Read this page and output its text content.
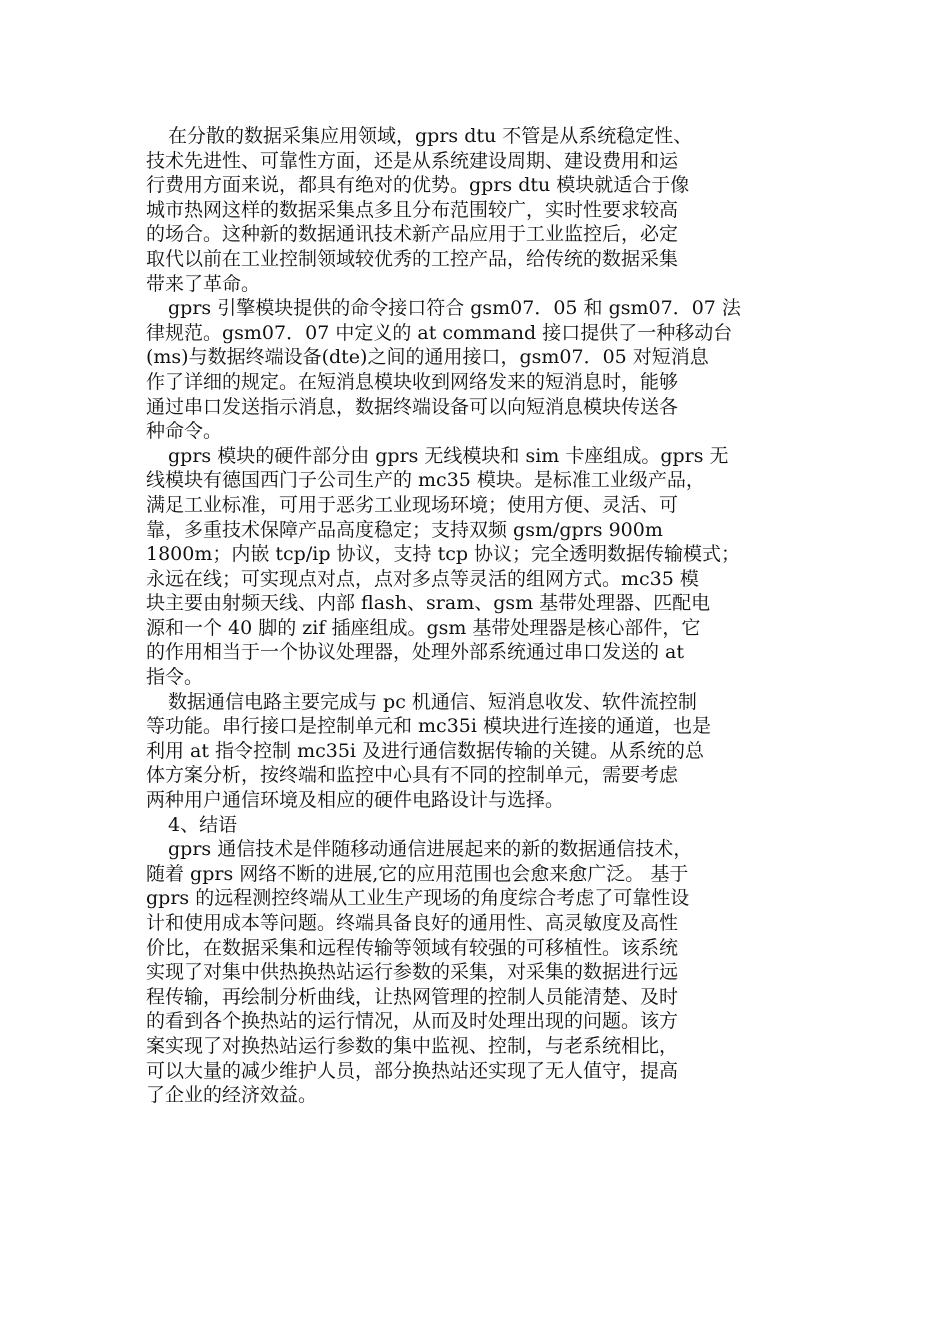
在分散的数据采集应用领域，gprs dtu 不管是从系统稳定性、
技术先进性、可靠性方面，还是从系统建设周期、建设费用和运
行费用方面来说，都具有绝对的优势。gprs dtu 模块就适合于像
城市热网这样的数据采集点多且分布范围较广，实时性要求较高
的场合。这种新的数据通讯技术新产品应用于工业监控后，必定
取代以前在工业控制领域较优秀的工控产品，给传统的数据采集
带来了革命。
gprs 引擎模块提供的命令接口符合 gsm07．05 和 gsm07．07 法
律规范。gsm07．07 中定义的 at command 接口提供了一种移动台
(ms)与数据终端设备(dte)之间的通用接口，gsm07．05 对短消息
作了详细的规定。在短消息模块收到网络发来的短消息时，能够
通过串口发送指示消息，数据终端设备可以向短消息模块传送各
种命令。
gprs 模块的硬件部分由 gprs 无线模块和 sim 卡座组成。gprs 无
线模块有德国西门子公司生产的 mc35 模块。是标准工业级产品，
满足工业标准，可用于恶劣工业现场环境；使用方便、灵活、可
靠，多重技术保障产品高度稳定；支持双频 gsm/gprs 900m
1800m；内嵌 tcp/ip 协议，支持 tcp 协议；完全透明数据传输模式；
永远在线；可实现点对点，点对多点等灵活的组网方式。mc35 模
块主要由射频天线、内部 flash、sram、gsm 基带处理器、匹配电
源和一个 40 脚的 zif 插座组成。gsm 基带处理器是核心部件，它
的作用相当于一个协议处理器，处理外部系统通过串口发送的 at
指令。
数据通信电路主要完成与 pc 机通信、短消息收发、软件流控制
等功能。串行接口是控制单元和 mc35i 模块进行连接的通道，也是
利用 at 指令控制 mc35i 及进行通信数据传输的关键。从系统的总
体方案分析，按终端和监控中心具有不同的控制单元，需要考虑
两种用户通信环境及相应的硬件电路设计与选择。
4、结语
gprs 通信技术是伴随移动通信进展起来的新的数据通信技术，
随着 gprs 网络不断的进展,它的应用范围也会愈来愈广泛。 基于
gprs 的远程测控终端从工业生产现场的角度综合考虑了可靠性设
计和使用成本等问题。终端具备良好的通用性、高灵敏度及高性
价比，在数据采集和远程传输等领域有较强的可移植性。该系统
实现了对集中供热换热站运行参数的采集，对采集的数据进行远
程传输，再绘制分析曲线，让热网管理的控制人员能清楚、及时
的看到各个换热站的运行情况，从而及时处理出现的问题。该方
案实现了对换热站运行参数的集中监视、控制，与老系统相比，
可以大量的减少维护人员，部分换热站还实现了无人值守，提高
了企业的经济效益。
